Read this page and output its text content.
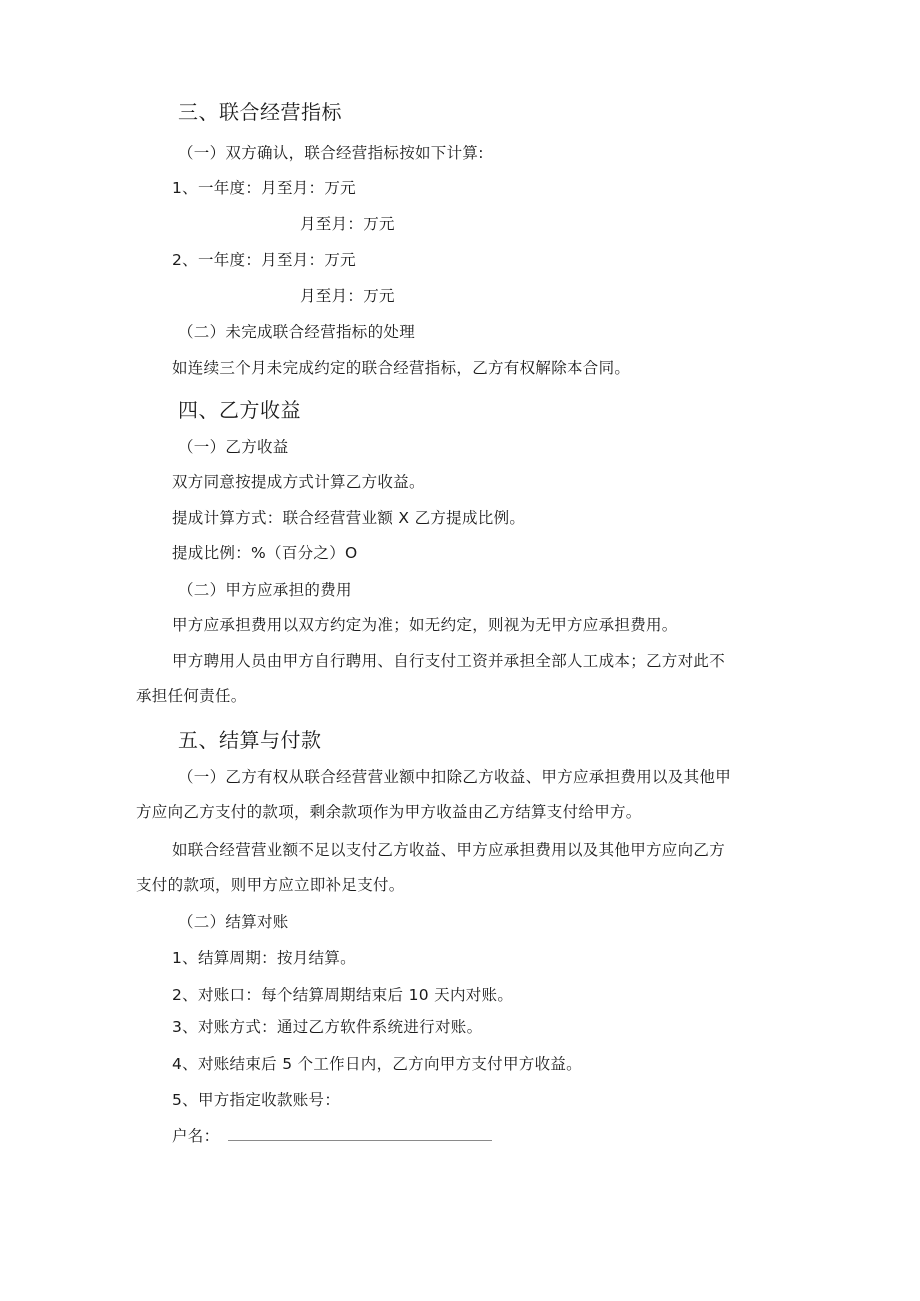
三、联合经营指标
（一）双方确认，联合经营指标按如下计算:
1、一年度：月至月：万元
月至月：万元
2、一年度：月至月：万元
月至月：万元
（二）未完成联合经营指标的处理
如连续三个月未完成约定的联合经营指标，乙方有权解除本合同。
四、乙方收益
（一）乙方收益
双方同意按提成方式计算乙方收益。
提成计算方式：联合经营营业额 X 乙方提成比例。
提成比例：%（百分之）O
（二）甲方应承担的费用
甲方应承担费用以双方约定为准；如无约定，则视为无甲方应承担费用。
甲方聘用人员由甲方自行聘用、自行支付工资并承担全部人工成本；乙方对此不
承担任何责任。
五、结算与付款
（一）乙方有权从联合经营营业额中扣除乙方收益、甲方应承担费用以及其他甲
方应向乙方支付的款项，剩余款项作为甲方收益由乙方结算支付给甲方。
如联合经营营业额不足以支付乙方收益、甲方应承担费用以及其他甲方应向乙方
支付的款项，则甲方应立即补足支付。
（二）结算对账
1、结算周期：按月结算。
2、对账口：每个结算周期结束后 10 天内对账。
3、对账方式：通过乙方软件系统进行对账。
4、对账结束后 5 个工作日内，乙方向甲方支付甲方收益。
5、甲方指定收款账号：
户名：
